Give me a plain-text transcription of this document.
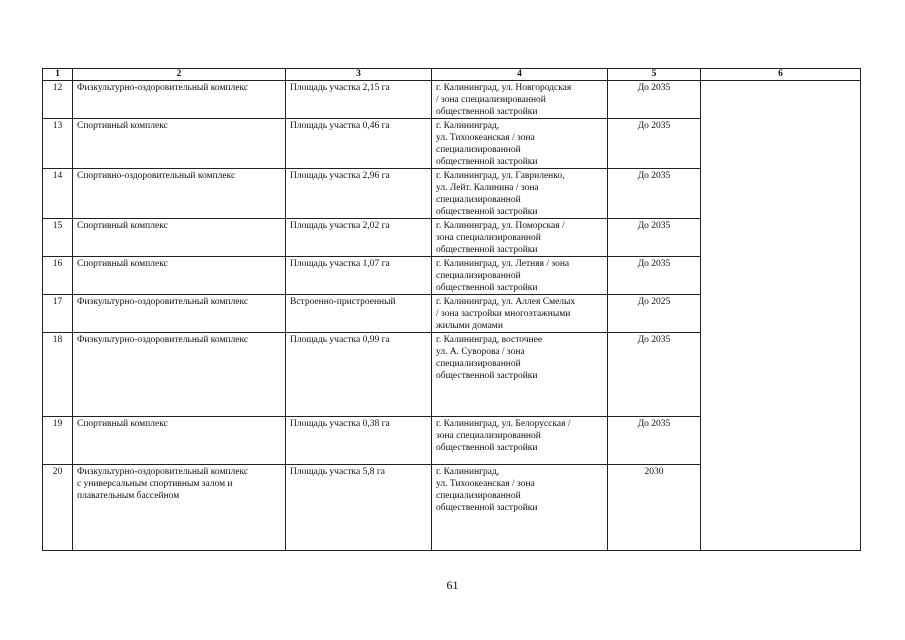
1	2	3	4	5	6
12	Физкультурно-оздоровительный комплекс	Площадь участка 2,15 га	г. Калининград, ул. Новгородская
/ зона специализированной
общественной застройки	До 2035	
13	Спортивный комплекс	Площадь участка 0,46 га	г. Калининград,
ул. Тихоокеанская / зона
специализированной
общественной застройки	До 2035	
14	Спортивно-оздоровительный комплекс	Площадь участка 2,96 га	г. Калининград, ул. Гавриленко,
ул. Лейт. Калинина / зона
специализированной
общественной застройки	До 2035	
15	Спортивный комплекс	Площадь участка 2,02 га	г. Калининград, ул. Поморская /
зона специализированной
общественной застройки	До 2035	
16	Спортивный комплекс	Площадь участка 1,07 га	г. Калининград, ул. Летняя / зона
специализированной
общественной застройки	До 2035	
17	Физкультурно-оздоровительный комплекс	Встроенно-пристроенный	г. Калининград, ул. Аллея Смелых
/ зона застройки многоэтажными
жилыми домами	До 2025	
18	Физкультурно-оздоровительный комплекс	Площадь участка 0,99 га	г. Калининград, восточнее
ул. А. Суворова / зона
специализированной
общественной застройки	До 2035	
19	Спортивный комплекс	Площадь участка 0,38 га	г. Калининград, ул. Белорусская /
зона специализированной
общественной застройки	До 2035	
20	Физкультурно-оздоровительный комплекс
с универсальным спортивным залом и
плавательным бассейном	Площадь участка 5,8 га	г. Калининград,
ул. Тихоокеанская / зона
специализированной
общественной застройки	2030	
61
